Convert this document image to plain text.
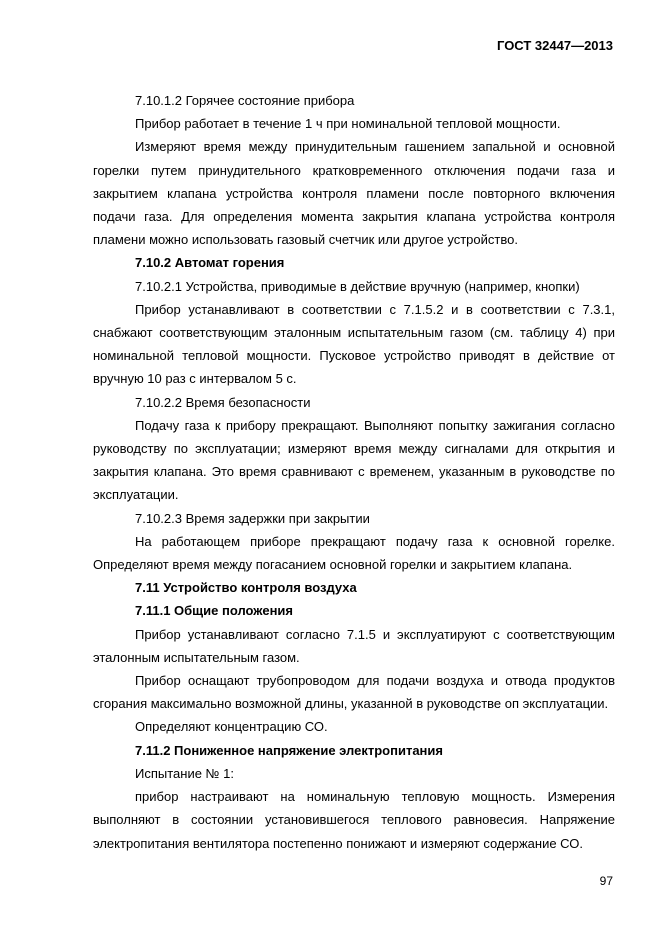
ГОСТ 32447—2013

7.10.1.2 Горячее состояние прибора

Прибор работает в течение 1 ч при номинальной тепловой мощности.

Измеряют время между принудительным гашением запальной и основной горелки путем принудительного кратковременного отключения подачи газа и закрытием клапана устройства контроля пламени после повторного включения подачи газа. Для определения момента закрытия клапана устройства контроля пламени можно использовать газовый счетчик или другое устройство.

7.10.2 Автомат горения

7.10.2.1 Устройства, приводимые в действие вручную (например, кнопки)

Прибор устанавливают в соответствии с 7.1.5.2 и в соответствии с 7.3.1, снабжают соответствующим эталонным испытательным газом (см. таблицу 4) при номинальной тепловой мощности. Пусковое устройство приводят в действие от вручную 10 раз с интервалом 5 с.

7.10.2.2 Время безопасности

Подачу газа к прибору прекращают. Выполняют попытку зажигания согласно руководству по эксплуатации; измеряют время между сигналами для открытия и закрытия клапана. Это время сравнивают с временем, указанным в руководстве по эксплуатации.

7.10.2.3 Время задержки при закрытии

На работающем приборе прекращают подачу газа к основной горелке. Определяют время между погасанием основной горелки и закрытием клапана.

7.11 Устройство контроля воздуха

7.11.1 Общие положения

Прибор устанавливают согласно 7.1.5 и эксплуатируют с соответствующим эталонным испытательным газом.

Прибор оснащают трубопроводом для подачи воздуха и отвода продуктов сгорания максимально возможной длины, указанной в руководстве оп эксплуатации.

Определяют концентрацию СО.

7.11.2 Пониженное напряжение электропитания

Испытание № 1:

прибор настраивают на номинальную тепловую мощность. Измерения выполняют в состоянии установившегося теплового равновесия. Напряжение электропитания вентилятора постепенно понижают и измеряют содержание СО.

97
